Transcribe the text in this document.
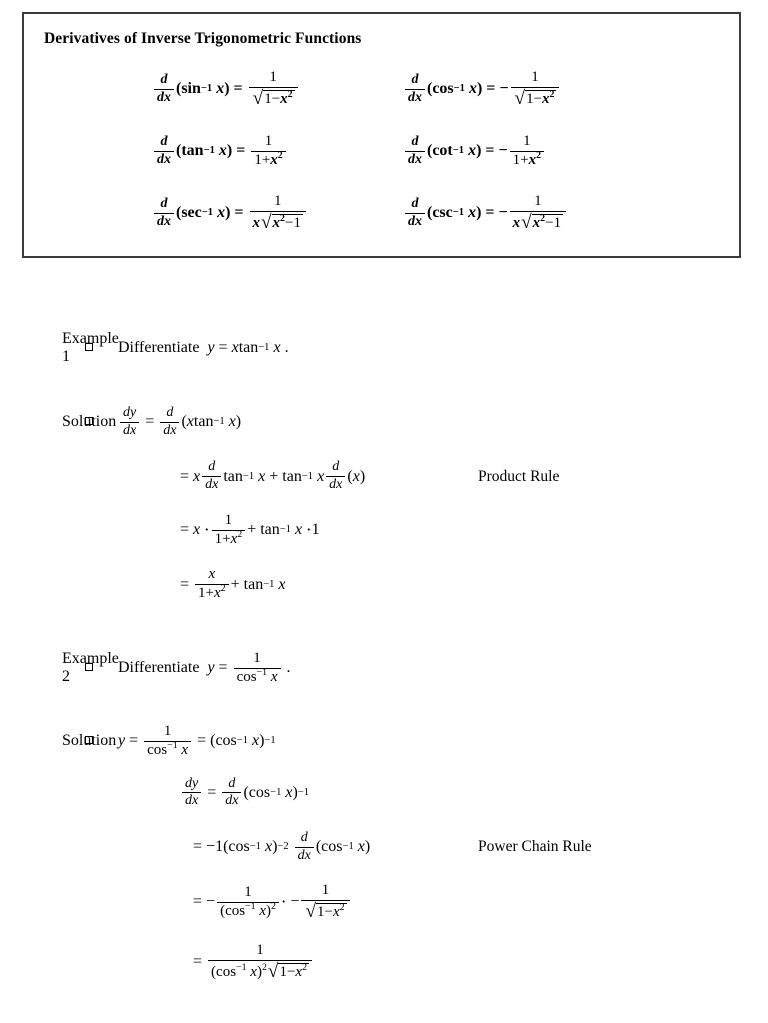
Derivatives of Inverse Trigonometric Functions
$\frac{d}{dx}$ ( sin −1
x )
=
$\frac{1}{√ 1-x^2}$	$\frac{d}{dx}$ ( cos −1
x )
=
− $\frac{1}{√ 1-x^2}$
$\frac{d}{dx}$ ( tan −1
x )
=
$\frac{1}{1+x^2}$	$\frac{d}{dx}$ ( cot −1
x )
=
− $\frac{1}{1+x^2}$
$\frac{d}{dx}$ ( sec −1
x )
=
$\frac{1}{x √ x^2-1}$	$\frac{d}{dx}$ ( csc −1
x )
=
− $\frac{1}{x √ x^2-1}$
Example 1
Differentiate
y
=
x tan −1
x
.
Solution $\frac{dy}{dx}$
=
$\frac{d}{dx}$ ( x tan −1
x )
=
x $\frac{d}{dx}$ tan −1
x
+
tan −1
x $\frac{d}{dx}$ ( x )	Product Rule
=
x
⋅ $\frac{1}{1+x^2}$ +
tan −1
x
⋅ 1
=
$\frac{x}{1+x^2}$ +
tan −1
x
Example 2
Differentiate
y
=
$\frac{1}{\cos^{-1} x}$
.
Solution y
=
$\frac{1}{\cos^{-1} x}$
=
( cos −1
x ) −1
$\frac{dy}{dx}$
=
$\frac{d}{dx}$ ( cos −1
x ) −1
=
− 1 ( cos −1
x ) −2
$\frac{d}{dx}$ ( cos −1
x )	Power Chain Rule
=
− $\frac{1}{(\cos^{-1} x)^2}$ ⋅
− $\frac{1}{√ 1-x^2}$
=
$\frac{1}{(\cos^{-1} x)^2 √ 1-x^2}$
